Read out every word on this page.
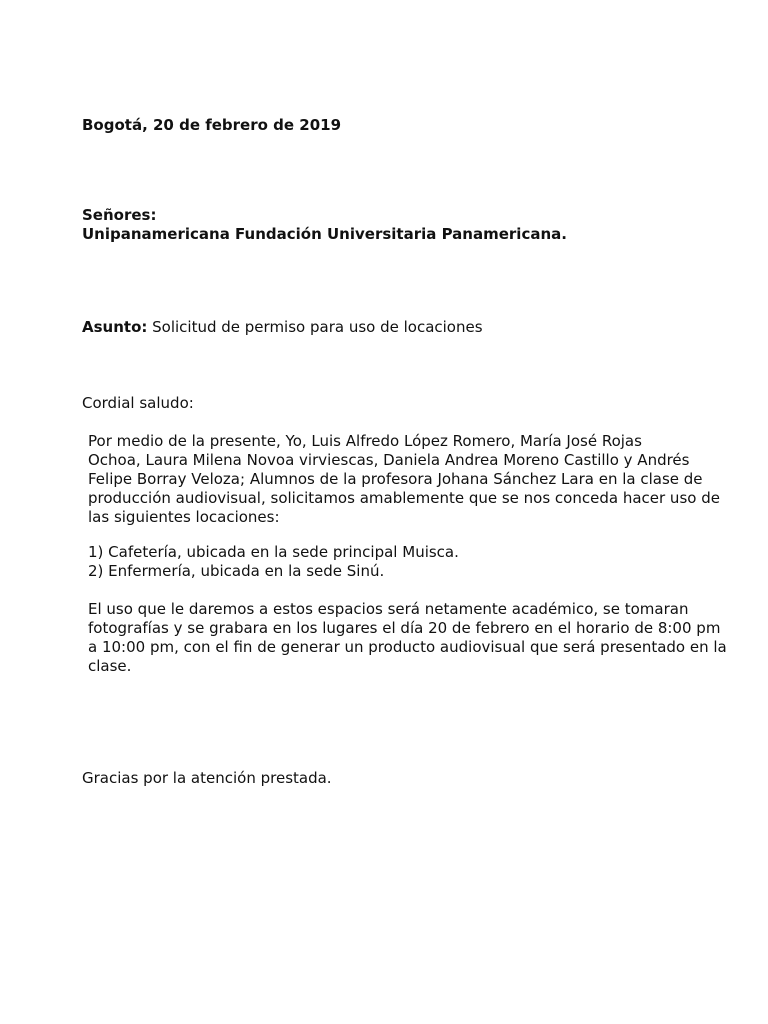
Bogotá, 20 de febrero de 2019
Señores:
Unipanamericana Fundación Universitaria Panamericana.
Asunto: Solicitud de permiso para uso de locaciones
Cordial saludo:
Por medio de la presente, Yo, Luis Alfredo López Romero, María José Rojas
Ochoa, Laura Milena Novoa virviescas, Daniela Andrea Moreno Castillo y Andrés
Felipe Borray Veloza; Alumnos de la profesora Johana Sánchez Lara en la clase de
producción audiovisual, solicitamos amablemente que se nos conceda hacer uso de
las siguientes locaciones:
1) Cafetería, ubicada en la sede principal Muisca.
2) Enfermería, ubicada en la sede Sinú.
El uso que le daremos a estos espacios será netamente académico, se tomaran
fotografías y se grabara en los lugares el día 20 de febrero en el horario de 8:00 pm
a 10:00 pm, con el fin de generar un producto audiovisual que será presentado en la
clase.
Gracias por la atención prestada.
